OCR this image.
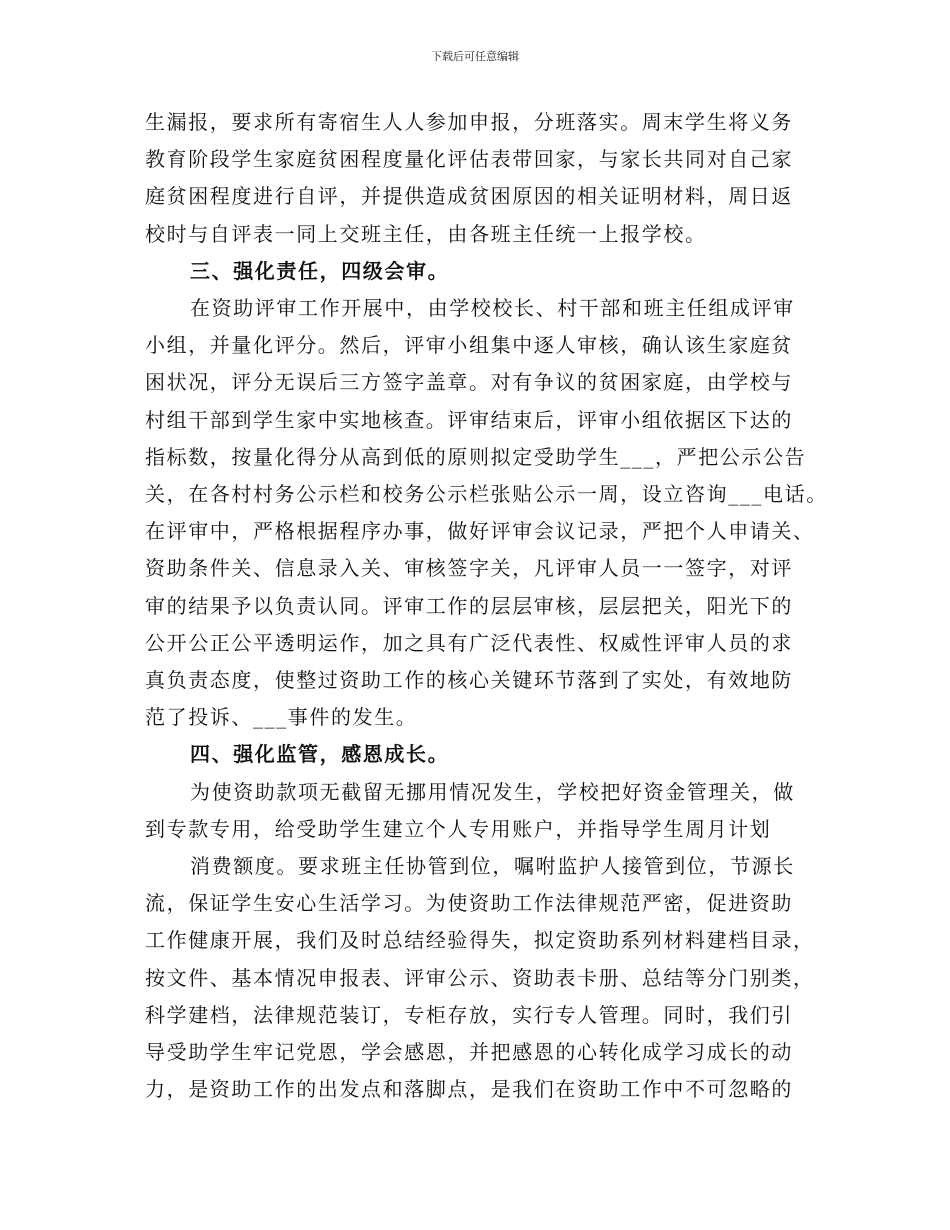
下载后可任意编辑
生漏报，要求所有寄宿生人人参加申报，分班落实。周末学生将义务
教育阶段学生家庭贫困程度量化评估表带回家，与家长共同对自己家
庭贫困程度进行自评，并提供造成贫困原因的相关证明材料，周日返
校时与自评表一同上交班主任，由各班主任统一上报学校。
三、强化责任，四级会审。
在资助评审工作开展中，由学校校长、村干部和班主任组成评审
小组，并量化评分。然后，评审小组集中逐人审核，确认该生家庭贫
困状况，评分无误后三方签字盖章。对有争议的贫困家庭，由学校与
村组干部到学生家中实地核查。评审结束后，评审小组依据区下达的
指标数，按量化得分从高到低的原则拟定受助学生___，严把公示公告
关，在各村村务公示栏和校务公示栏张贴公示一周，设立咨询___电话。
在评审中，严格根据程序办事，做好评审会议记录，严把个人申请关、
资助条件关、信息录入关、审核签字关，凡评审人员一一签字，对评
审的结果予以负责认同。评审工作的层层审核，层层把关，阳光下的
公开公正公平透明运作，加之具有广泛代表性、权威性评审人员的求
真负责态度，使整过资助工作的核心关键环节落到了实处，有效地防
范了投诉、___事件的发生。
四、强化监管，感恩成长。
为使资助款项无截留无挪用情况发生，学校把好资金管理关，做
到专款专用，给受助学生建立个人专用账户，并指导学生周月计划
消费额度。要求班主任协管到位，嘱咐监护人接管到位，节源长
流，保证学生安心生活学习。为使资助工作法律规范严密，促进资助
工作健康开展，我们及时总结经验得失，拟定资助系列材料建档目录，
按文件、基本情况申报表、评审公示、资助表卡册、总结等分门别类，
科学建档，法律规范装订，专柜存放，实行专人管理。同时，我们引
导受助学生牢记党恩，学会感恩，并把感恩的心转化成学习成长的动
力，是资助工作的出发点和落脚点，是我们在资助工作中不可忽略的
